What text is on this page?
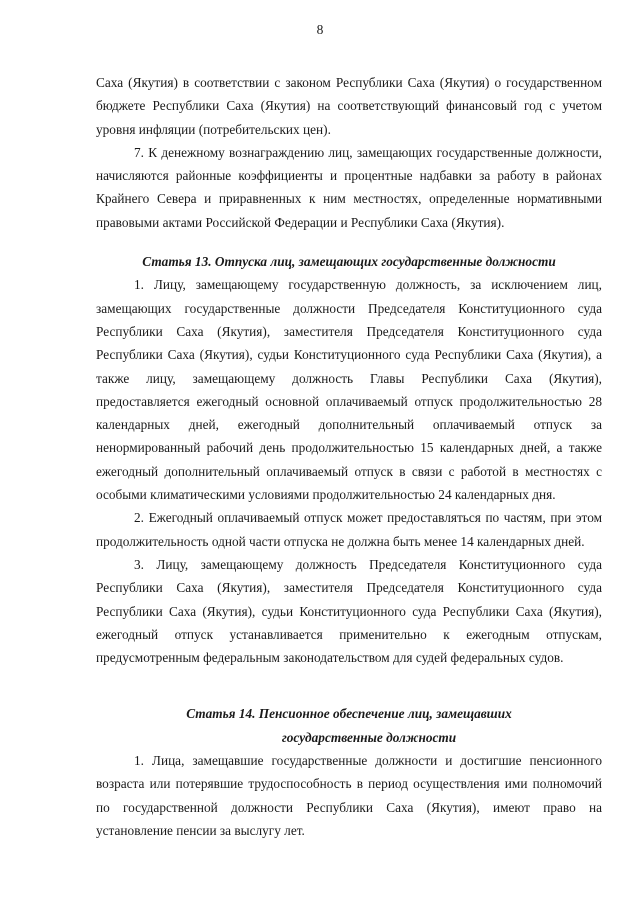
8

Саха (Якутия) в соответствии с законом Республики Саха (Якутия) о государственном бюджете Республики Саха (Якутия) на соответствующий финансовый год с учетом уровня инфляции (потребительских цен).

7. К денежному вознаграждению лиц, замещающих государственные должности, начисляются районные коэффициенты и процентные надбавки за работу в районах Крайнего Севера и приравненных к ним местностях, определенные нормативными правовыми актами Российской Федерации и Республики Саха (Якутия).

Статья 13. Отпуска лиц, замещающих государственные должности

1. Лицу, замещающему государственную должность, за исключением лиц, замещающих государственные должности Председателя Конституционного суда Республики Саха (Якутия), заместителя Председателя Конституционного суда Республики Саха (Якутия), судьи Конституционного суда Республики Саха (Якутия), а также лицу, замещающему должность Главы Республики Саха (Якутия), предоставляется ежегодный основной оплачиваемый отпуск продолжительностью 28 календарных дней, ежегодный дополнительный оплачиваемый отпуск за ненормированный рабочий день продолжительностью 15 календарных дней, а также ежегодный дополнительный оплачиваемый отпуск в связи с работой в местностях с особыми климатическими условиями продолжительностью 24 календарных дня.

2. Ежегодный оплачиваемый отпуск может предоставляться по частям, при этом продолжительность одной части отпуска не должна быть менее 14 календарных дней.

3. Лицу, замещающему должность Председателя Конституционного суда Республики Саха (Якутия), заместителя Председателя Конституционного суда Республики Саха (Якутия), судьи Конституционного суда Республики Саха (Якутия), ежегодный отпуск устанавливается применительно к ежегодным отпускам, предусмотренным федеральным законодательством для судей федеральных судов.

Статья 14. Пенсионное обеспечение лиц, замещавших
государственные должности

1. Лица, замещавшие государственные должности и достигшие пенсионного возраста или потерявшие трудоспособность в период осуществления ими полномочий по государственной должности Республики Саха (Якутия), имеют право на установление пенсии за выслугу лет.
